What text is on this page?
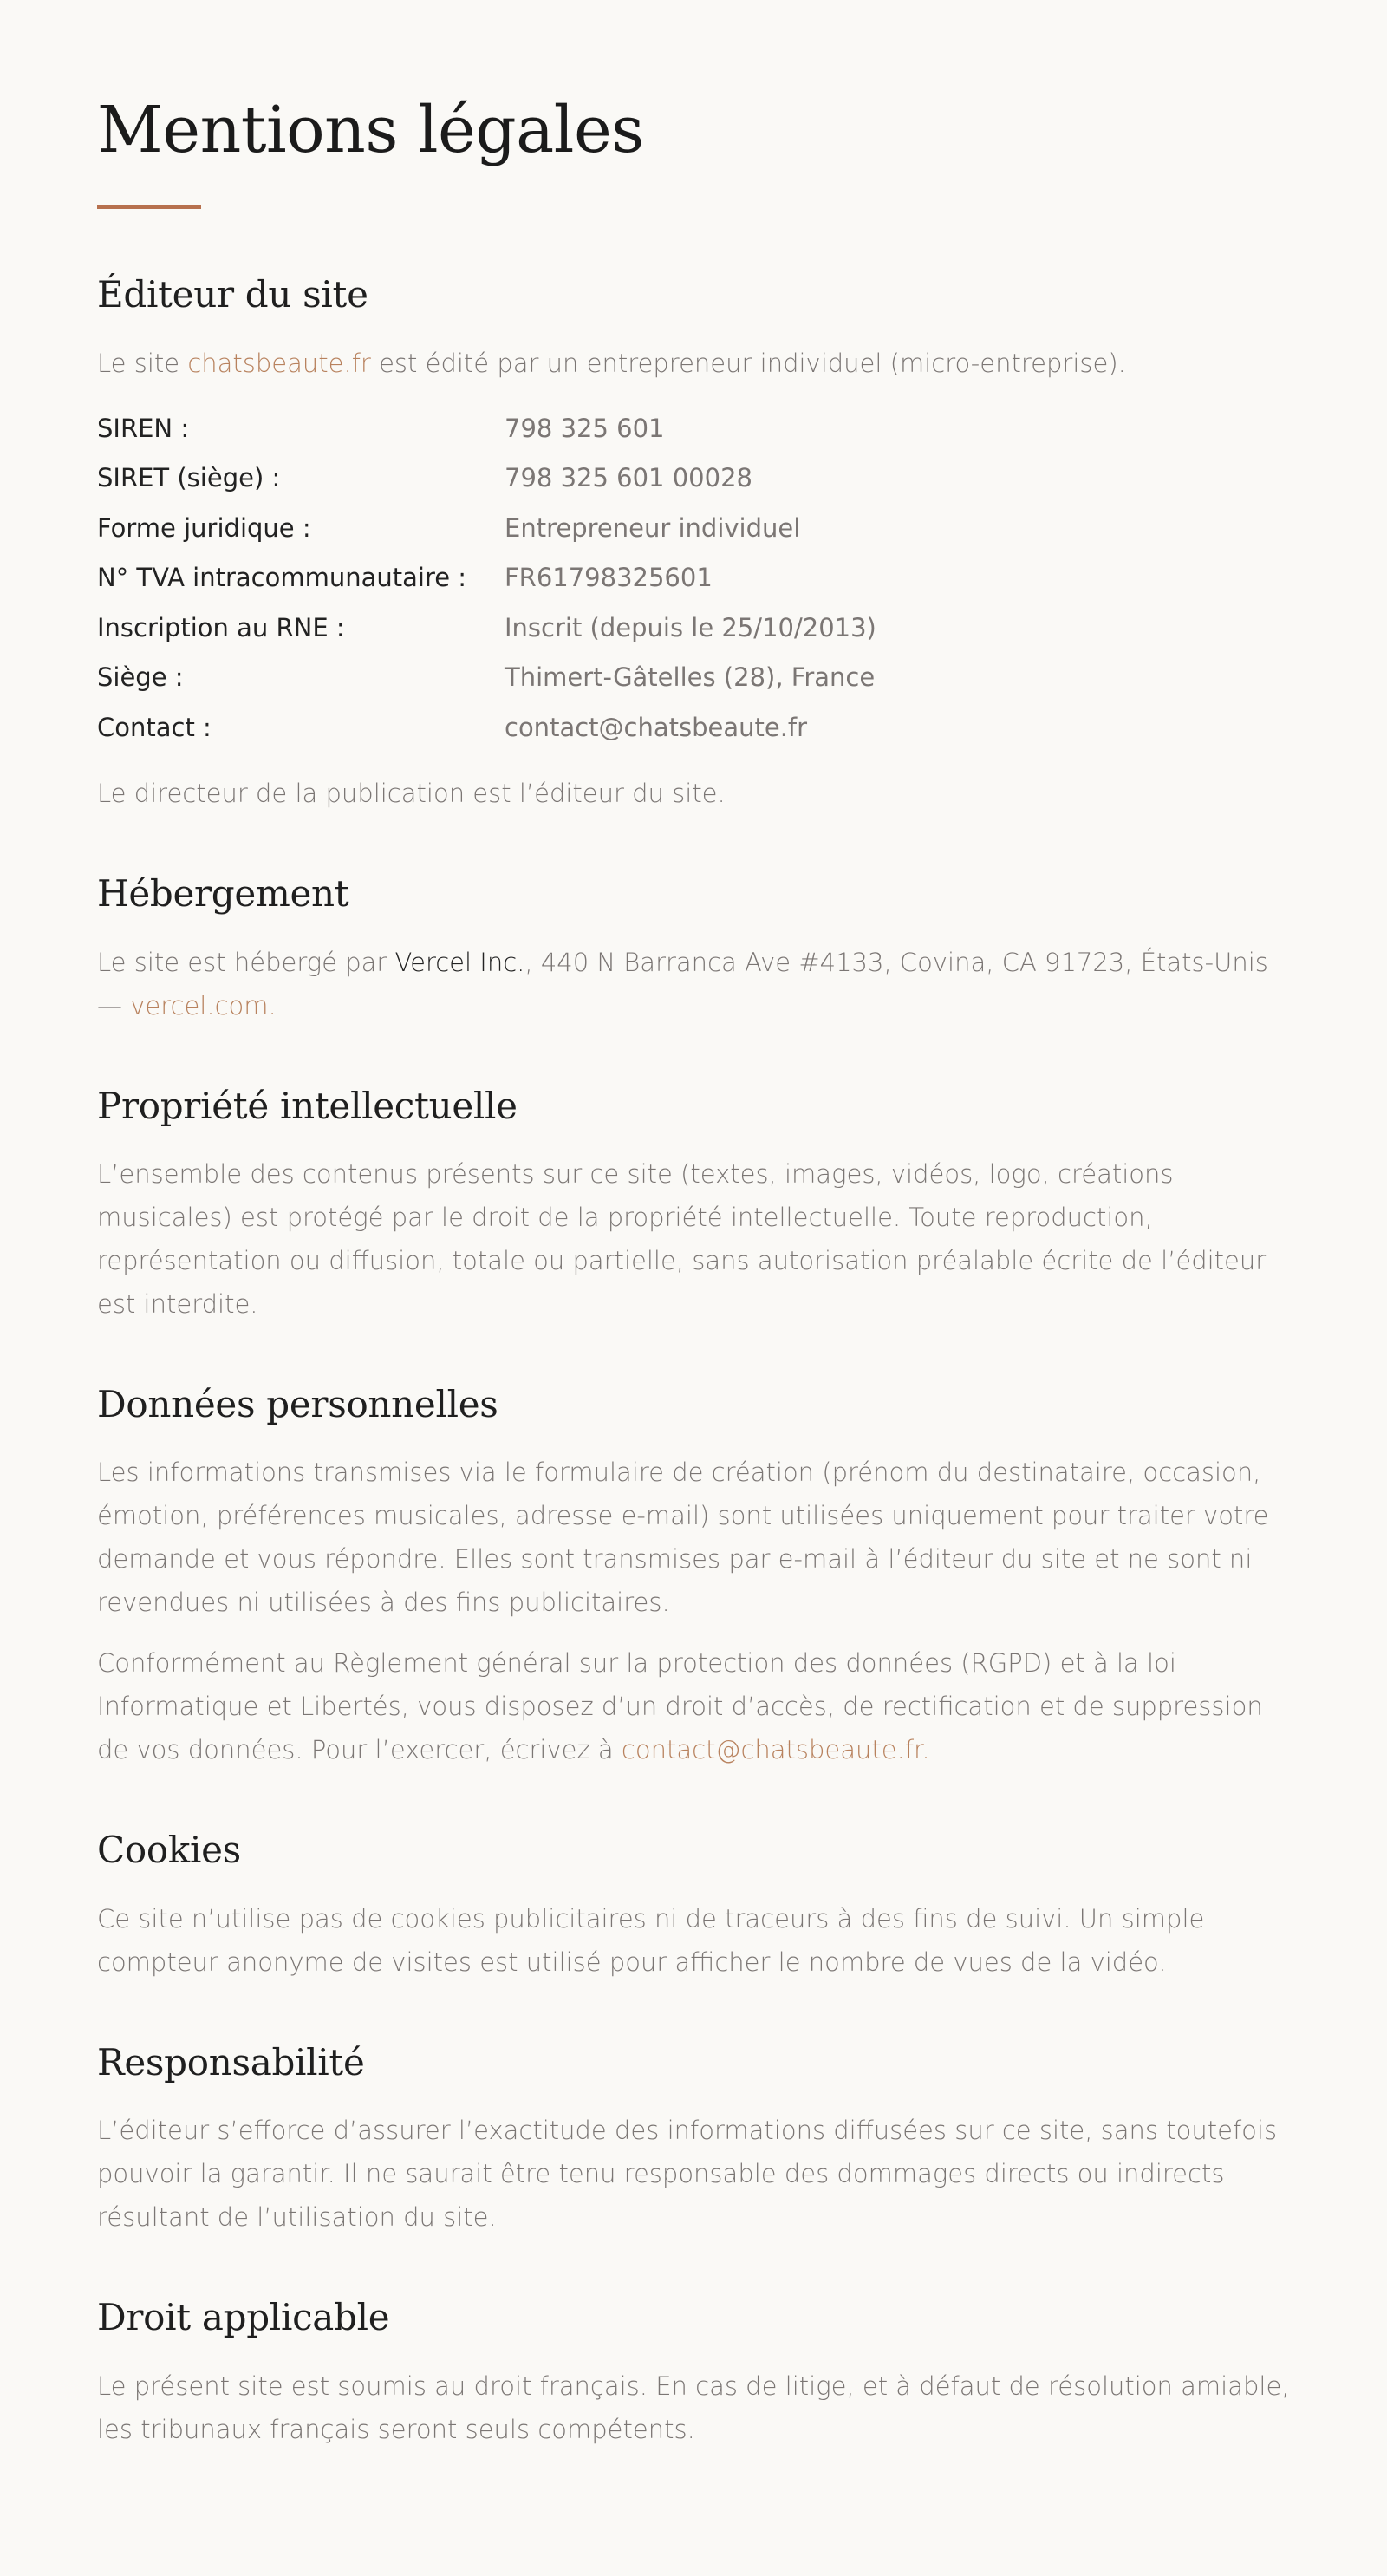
Mentions légales
Éditeur du site

Le site chatsbeaute.fr est édité par un entrepreneur individuel (micro-entreprise).

SIREN :	798 325 601
SIRET (siège) :	798 325 601 00028
Forme juridique :	Entrepreneur individuel
N° TVA intracommunautaire :	FR61798325601
Inscription au RNE :	Inscrit (depuis le 25/10/2013)
Siège :	Thimert-Gâtelles (28), France
Contact :	contact@chatsbeaute.fr

Le directeur de la publication est l’éditeur du site.

Hébergement

Le site est hébergé par Vercel Inc., 440 N Barranca Ave #4133, Covina, CA 91723, États-Unis — vercel.com.

Propriété intellectuelle

L’ensemble des contenus présents sur ce site (textes, images, vidéos, logo, créations musicales) est protégé par le droit de la propriété intellectuelle. Toute reproduction, représentation ou diffusion, totale ou partielle, sans autorisation préalable écrite de l’éditeur est interdite.

Données personnelles

Les informations transmises via le formulaire de création (prénom du destinataire, occasion, émotion, préférences musicales, adresse e-mail) sont utilisées uniquement pour traiter votre demande et vous répondre. Elles sont transmises par e-mail à l’éditeur du site et ne sont ni revendues ni utilisées à des fins publicitaires.

Conformément au Règlement général sur la protection des données (RGPD) et à la loi Informatique et Libertés, vous disposez d’un droit d’accès, de rectification et de suppression de vos données. Pour l’exercer, écrivez à contact@chatsbeaute.fr.

Cookies

Ce site n’utilise pas de cookies publicitaires ni de traceurs à des fins de suivi. Un simple compteur anonyme de visites est utilisé pour afficher le nombre de vues de la vidéo.

Responsabilité

L’éditeur s’efforce d’assurer l’exactitude des informations diffusées sur ce site, sans toutefois pouvoir la garantir. Il ne saurait être tenu responsable des dommages directs ou indirects résultant de l’utilisation du site.

Droit applicable

Le présent site est soumis au droit français. En cas de litige, et à défaut de résolution amiable, les tribunaux français seront seuls compétents.
